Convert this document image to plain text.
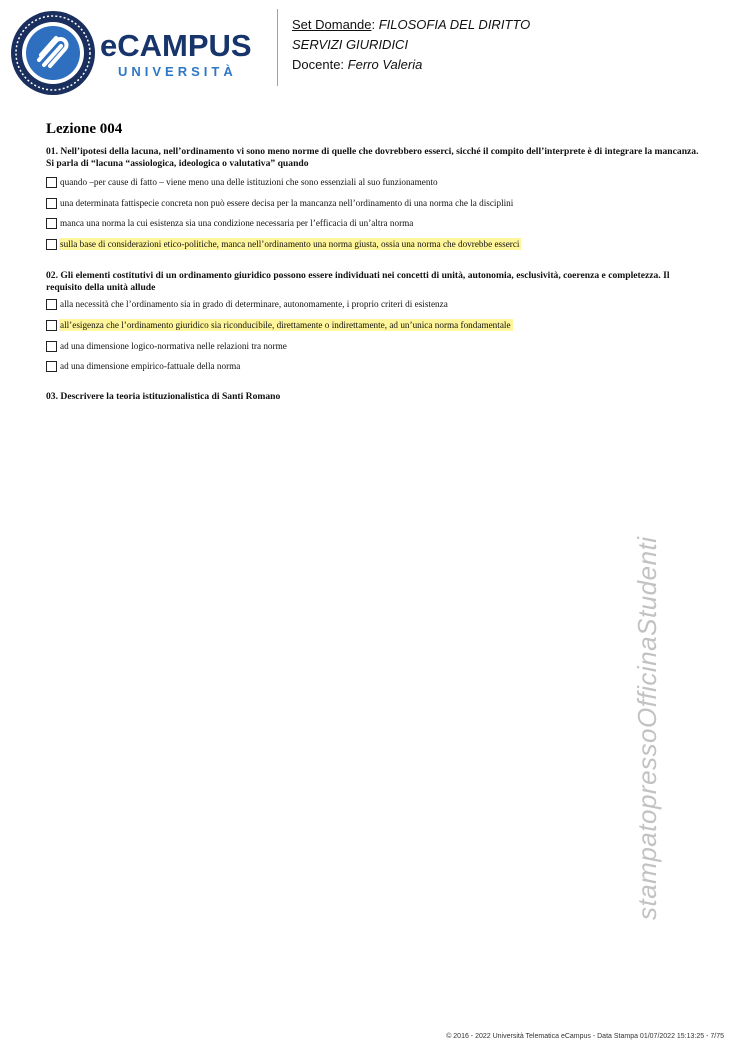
eCAMPUS
UNIVERSITÀ
Set Domande: FILOSOFIA DEL DIRITTO
SERVIZI GIURIDICI
Docente: Ferro Valeria
Lezione 004
01. Nell’ipotesi della lacuna, nell’ordinamento vi sono meno norme di quelle che dovrebbero esserci, sicché il compito dell’interprete è di integrare la mancanza. Si parla di “lacuna “assiologica, ideologica o valutativa” quando
quando –per cause di fatto – viene meno una delle istituzioni che sono essenziali al suo funzionamento
una determinata fattispecie concreta non può essere decisa per la mancanza nell’ordinamento di una norma che la disciplini
manca una norma la cui esistenza sia una condizione necessaria per l’efficacia di un’altra norma
sulla base di considerazioni etico-politiche, manca nell’ordinamento una norma giusta, ossia una norma che dovrebbe esserci
02. Gli elementi costitutivi di un ordinamento giuridico possono essere individuati nei concetti di unità, autonomia, esclusività, coerenza e completezza. Il requisito della unità allude
alla necessità che l’ordinamento sia in grado di determinare, autonomamente, i proprio criteri di esistenza
all’esigenza che l’ordinamento giuridico sia riconducibile, direttamente o indirettamente, ad un’unica norma fondamentale
ad una dimensione logico-normativa nelle relazioni tra norme
ad una dimensione empirico-fattuale della norma
03. Descrivere la teoria istituzionalistica di Santi Romano
stampatopressoOfficinaStudenti
© 2016 - 2022 Università Telematica eCampus - Data Stampa 01/07/2022 15:13:25 - 7/75
